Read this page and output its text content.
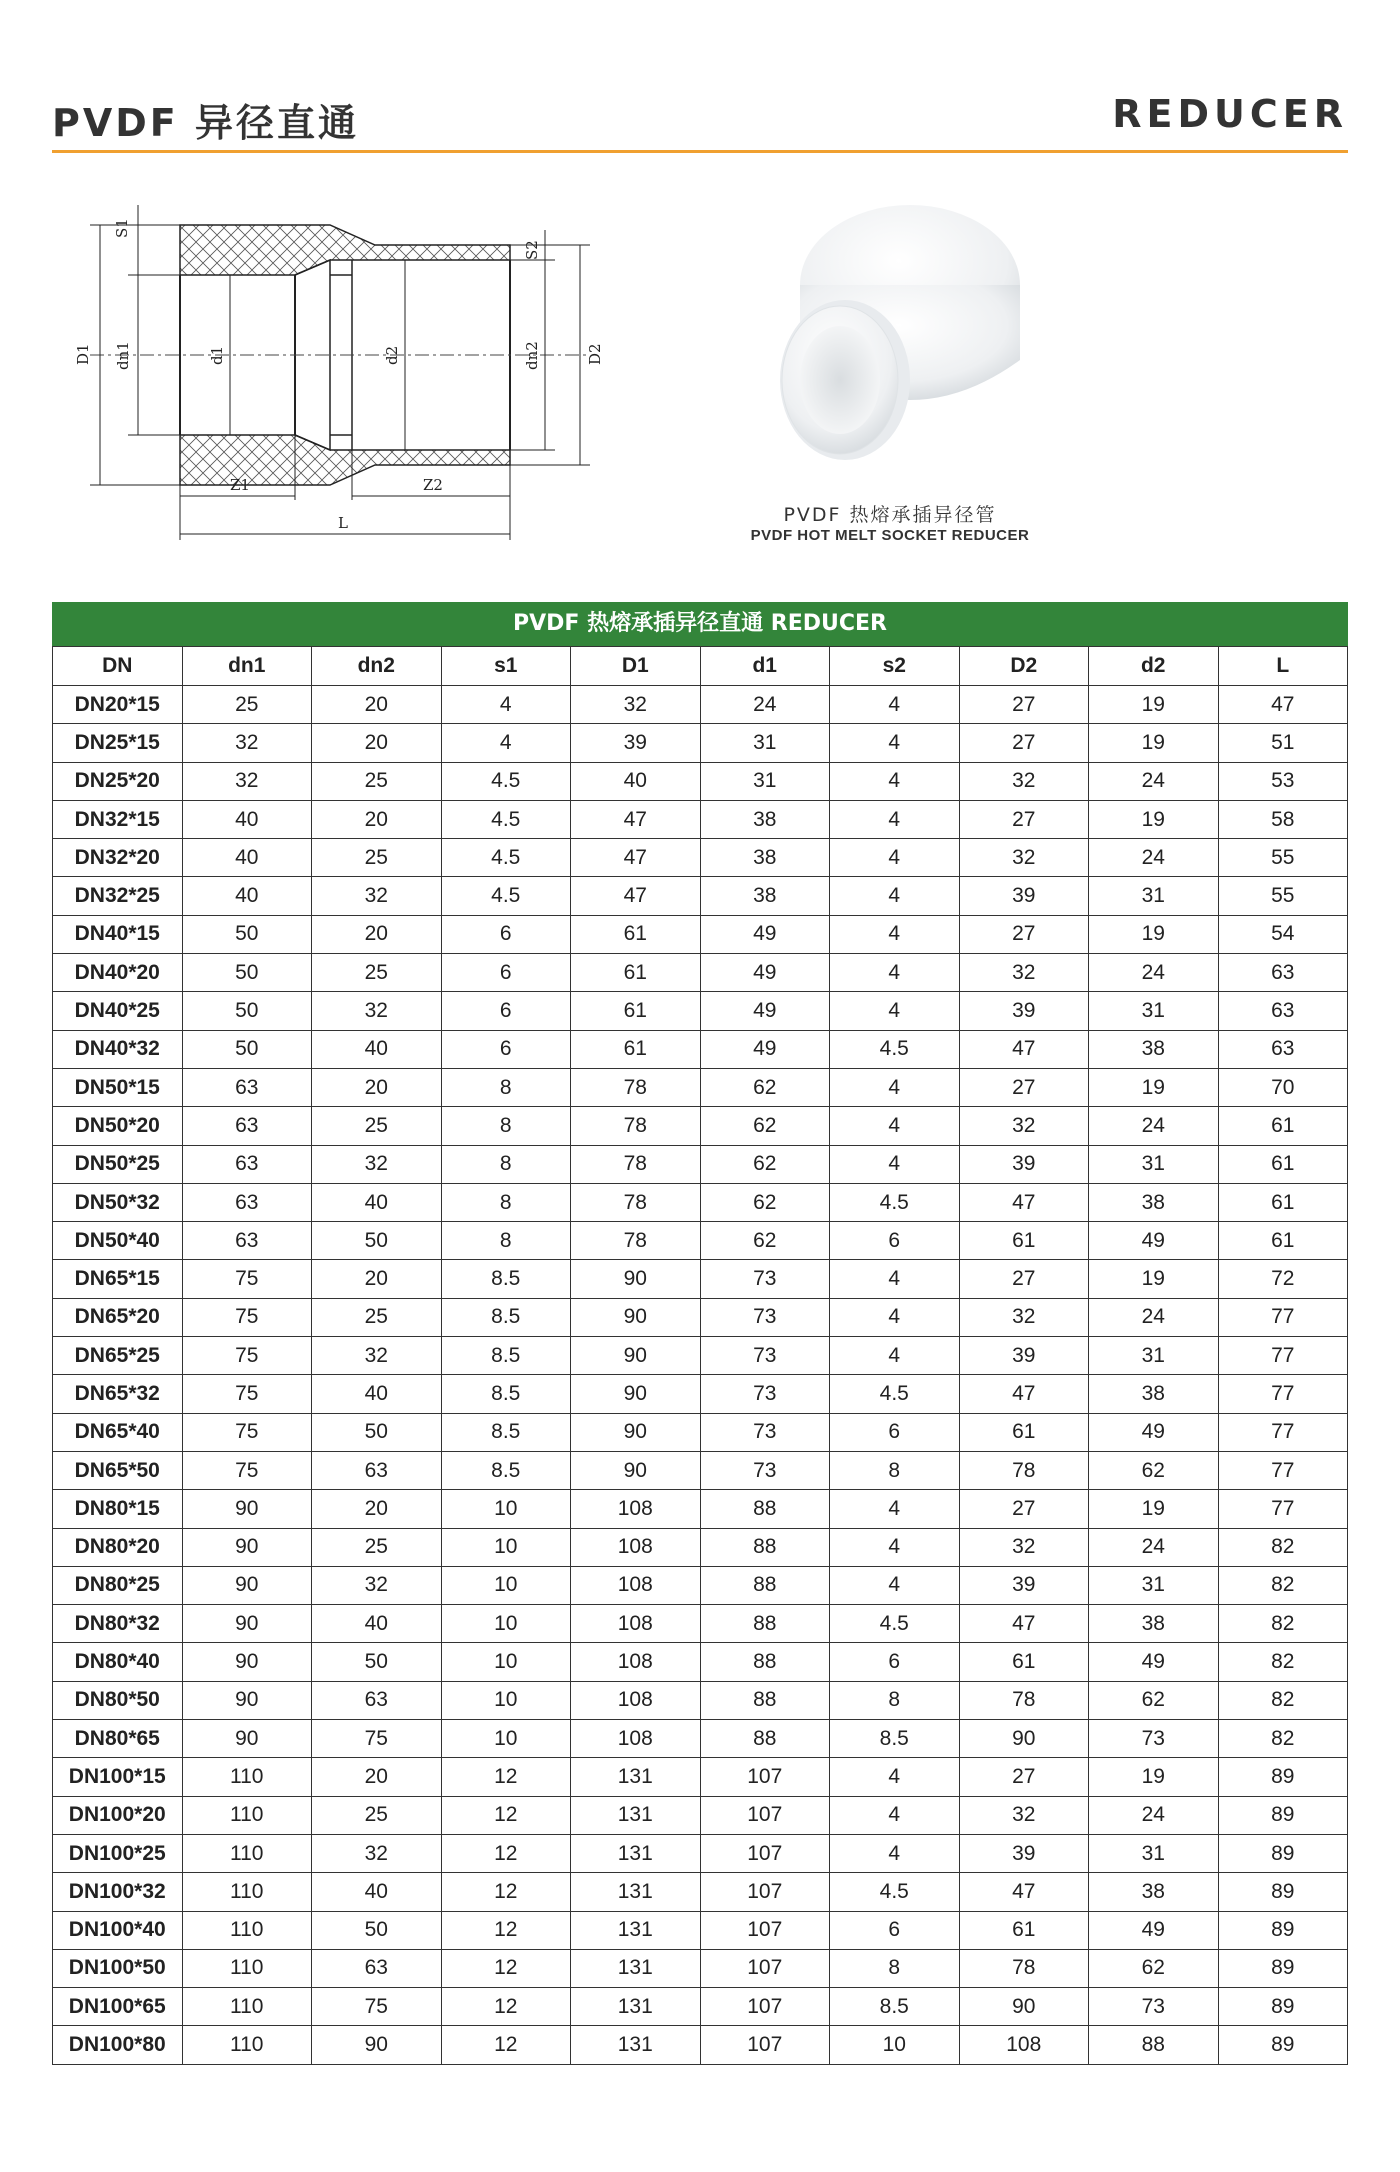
PVDF 异径直通	REDUCER
S1
D1 dn1	d1	d2	dn2	D2
S2
Z1	Z2
L	PVDF 热熔承插异径管
PVDF HOT MELT SOCKET REDUCER
PVDF 热熔承插异径直通 REDUCER
DN	dn1	dn2	s1	D1	d1	s2	D2	d2	L
DN20*15	25	20	4	32	24	4	27	19	47
DN25*15	32	20	4	39	31	4	27	19	51
DN25*20	32	25	4.5	40	31	4	32	24	53
DN32*15	40	20	4.5	47	38	4	27	19	58
DN32*20	40	25	4.5	47	38	4	32	24	55
DN32*25	40	32	4.5	47	38	4	39	31	55
DN40*15	50	20	6	61	49	4	27	19	54
DN40*20	50	25	6	61	49	4	32	24	63
DN40*25	50	32	6	61	49	4	39	31	63
DN40*32	50	40	6	61	49	4.5	47	38	63
DN50*15	63	20	8	78	62	4	27	19	70
DN50*20	63	25	8	78	62	4	32	24	61
DN50*25	63	32	8	78	62	4	39	31	61
DN50*32	63	40	8	78	62	4.5	47	38	61
DN50*40	63	50	8	78	62	6	61	49	61
DN65*15	75	20	8.5	90	73	4	27	19	72
DN65*20	75	25	8.5	90	73	4	32	24	77
DN65*25	75	32	8.5	90	73	4	39	31	77
DN65*32	75	40	8.5	90	73	4.5	47	38	77
DN65*40	75	50	8.5	90	73	6	61	49	77
DN65*50	75	63	8.5	90	73	8	78	62	77
DN80*15	90	20	10	108	88	4	27	19	77
DN80*20	90	25	10	108	88	4	32	24	82
DN80*25	90	32	10	108	88	4	39	31	82
DN80*32	90	40	10	108	88	4.5	47	38	82
DN80*40	90	50	10	108	88	6	61	49	82
DN80*50	90	63	10	108	88	8	78	62	82
DN80*65	90	75	10	108	88	8.5	90	73	82
DN100*15	110	20	12	131	107	4	27	19	89
DN100*20	110	25	12	131	107	4	32	24	89
DN100*25	110	32	12	131	107	4	39	31	89
DN100*32	110	40	12	131	107	4.5	47	38	89
DN100*40	110	50	12	131	107	6	61	49	89
DN100*50	110	63	12	131	107	8	78	62	89
DN100*65	110	75	12	131	107	8.5	90	73	89
DN100*80	110	90	12	131	107	10	108	88	89
